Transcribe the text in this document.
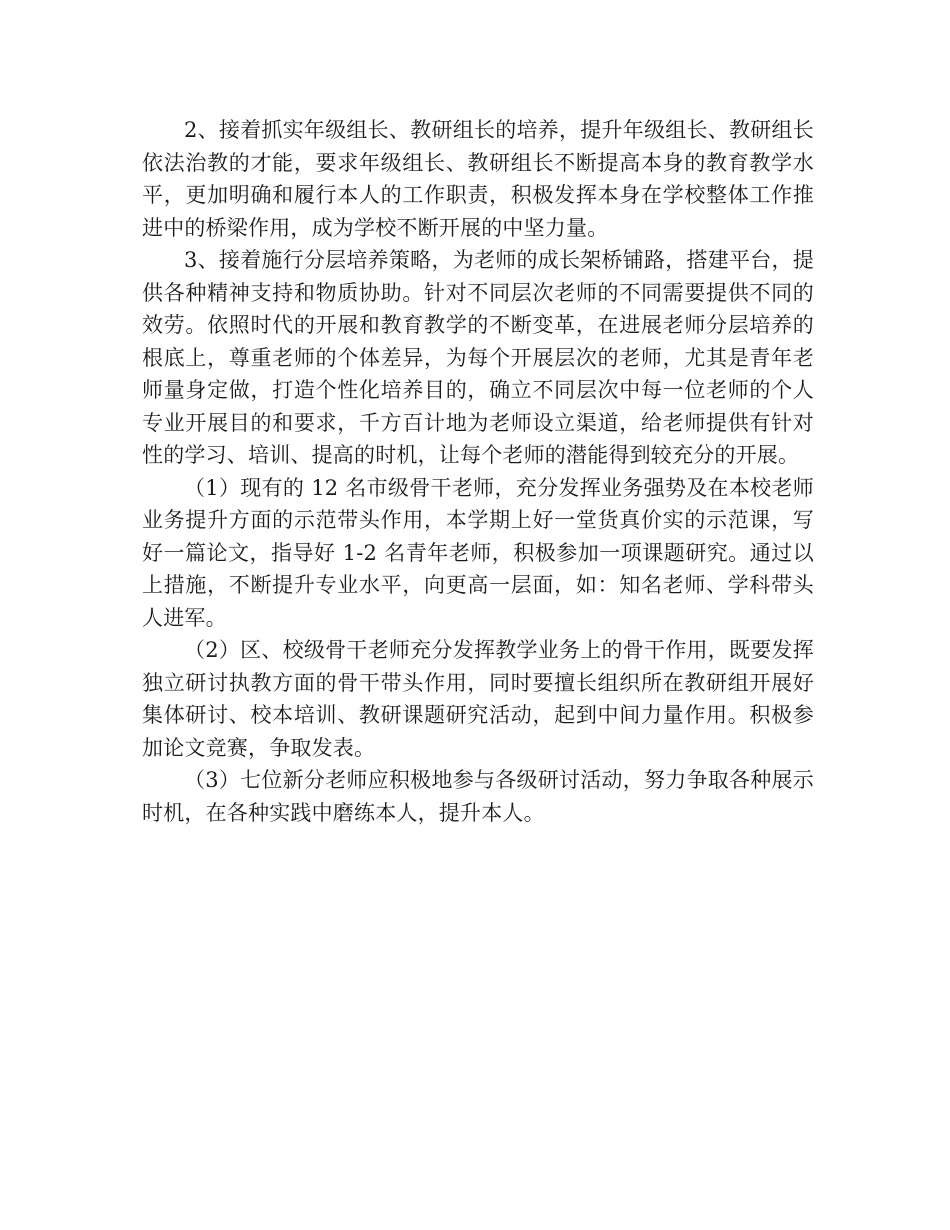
2、接着抓实年级组长、教研组长的培养，提升年级组长、教研组长依法治教的才能，要求年级组长、教研组长不断提高本身的教育教学水平，更加明确和履行本人的工作职责，积极发挥本身在学校整体工作推进中的桥梁作用，成为学校不断开展的中坚力量。

3、接着施行分层培养策略，为老师的成长架桥铺路，搭建平台，提供各种精神支持和物质协助。针对不同层次老师的不同需要提供不同的效劳。依照时代的开展和教育教学的不断变革，在进展老师分层培养的根底上，尊重老师的个体差异，为每个开展层次的老师，尤其是青年老师量身定做，打造个性化培养目的，确立不同层次中每一位老师的个人专业开展目的和要求，千方百计地为老师设立渠道，给老师提供有针对性的学习、培训、提高的时机，让每个老师的潜能得到较充分的开展。

（1）现有的 12 名市级骨干老师，充分发挥业务强势及在本校老师业务提升方面的示范带头作用，本学期上好一堂货真价实的示范课，写好一篇论文，指导好 1-2 名青年老师，积极参加一项课题研究。通过以上措施，不断提升专业水平，向更高一层面，如：知名老师、学科带头人进军。

（2）区、校级骨干老师充分发挥教学业务上的骨干作用，既要发挥独立研讨执教方面的骨干带头作用，同时要擅长组织所在教研组开展好集体研讨、校本培训、教研课题研究活动，起到中间力量作用。积极参加论文竞赛，争取发表。

（3）七位新分老师应积极地参与各级研讨活动，努力争取各种展示时机，在各种实践中磨练本人，提升本人。
